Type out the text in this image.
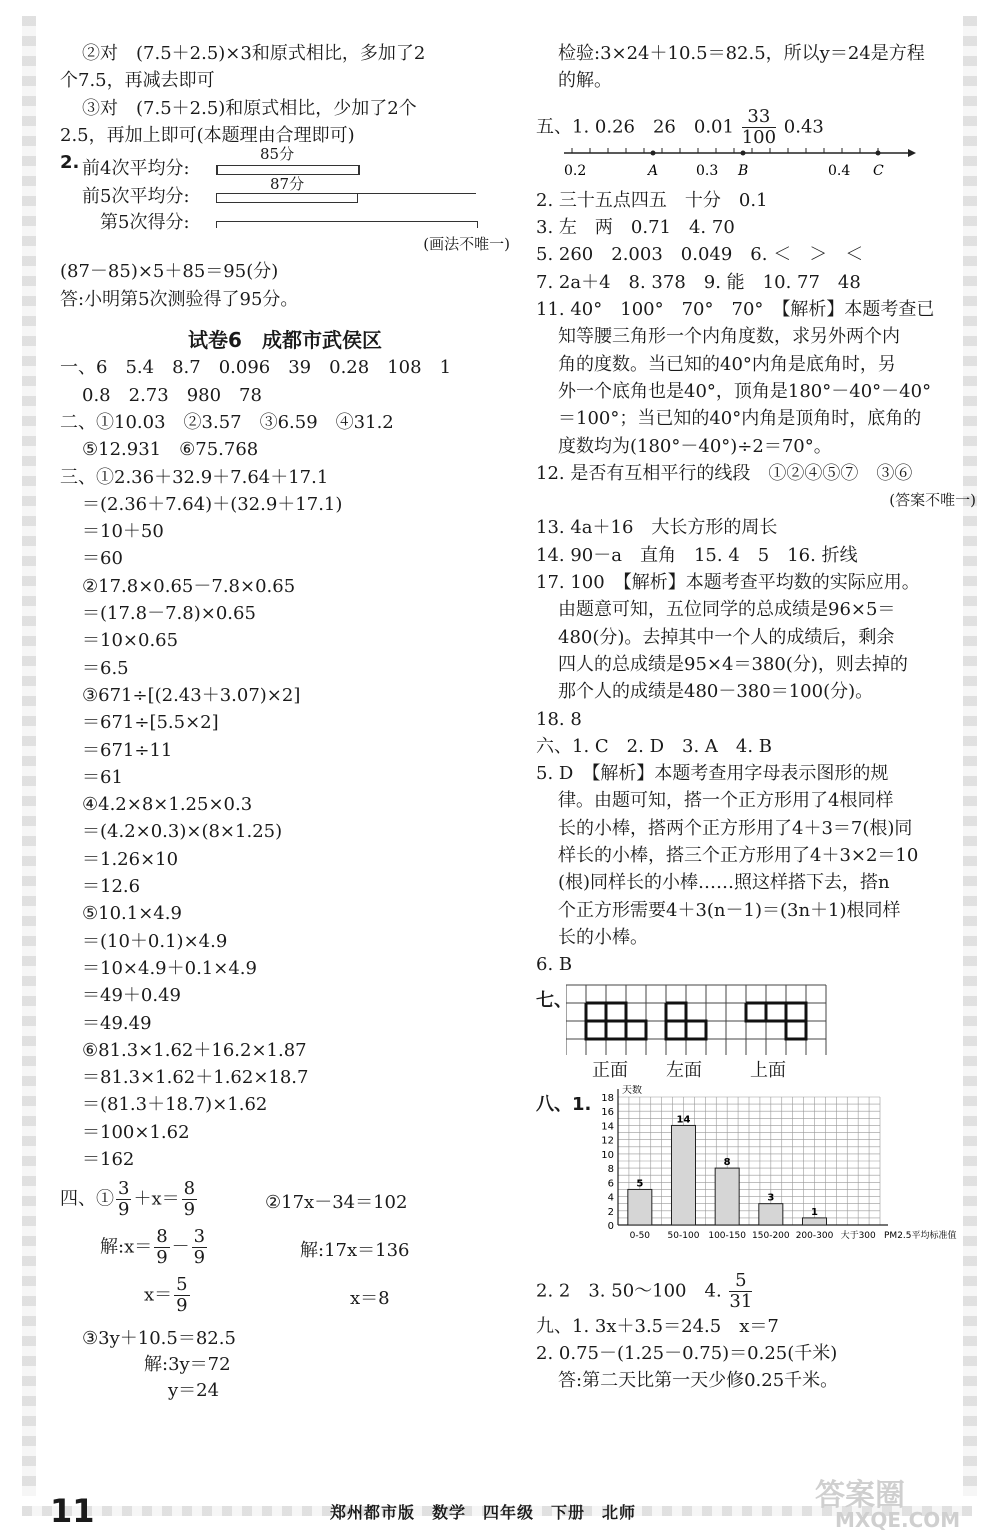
②对　(7.5＋2.5)×3和原式相比，多加了2
个7.5，再减去即可
③对　(7.5＋2.5)和原式相比，少加了2个
2.5，再加上即可(本题理由合理即可)
2. 前4次平均分:
85分
前5次平均分:
87分
第5次得分:
(画法不唯一)
(87－85)×5＋85＝95(分)
答:小明第5次测验得了95分。
试卷6　成都市武侯区
一、6　5.4　8.7　0.096　39　0.28　108　1
0.8　2.73　980　78
二、①10.03　②3.57　③6.59　④31.2
⑤12.931　⑥75.768
三、①2.36＋32.9＋7.64＋17.1
＝(2.36＋7.64)＋(32.9＋17.1)
＝10＋50
＝60
②17.8×0.65－7.8×0.65
＝(17.8－7.8)×0.65
＝10×0.65
＝6.5
③671÷[(2.43＋3.07)×2]
＝671÷[5.5×2]
＝671÷11
＝61
④4.2×8×1.25×0.3
＝(4.2×0.3)×(8×1.25)
＝1.26×10
＝12.6
⑤10.1×4.9
＝(10＋0.1)×4.9
＝10×4.9＋0.1×4.9
＝49＋0.49
＝49.49
⑥81.3×1.62＋16.2×1.87
＝81.3×1.62＋1.62×18.7
＝(81.3＋18.7)×1.62
＝100×1.62
＝162
四、① $\frac{3}{9} +x= \frac{8}{9}$	②17x－34＝102
解:x＝ $\frac{8}{9} - \frac{3}{9}$	解:17x＝136
$x= \frac{5}{9}$	x＝8
③3y＋10.5＝82.5
解:3y＝72
y＝24
检验:3×24＋10.5＝82.5，所以y＝24是方程
的解。
五、1. 0.26　26　$0.01 \frac{33}{100} 0.43$
0.2	A	0.3 B	0.4 C
2. 三十五点四五　十分　0.1
3. 左　两　0.71　4. 70
5. 260　2.003　0.049　6. ＜　＞　＜
7. 2a＋4　8. 378　9. 能　10. 77　48
11. 40°　100°　70°　70°　【解析】本题考查已
知等腰三角形一个内角度数，求另外两个内
角的度数。当已知的40°内角是底角时，另
外一个底角也是40°，顶角是180°－40°－40°
＝100°；当已知的40°内角是顶角时，底角的
度数均为(180°－40°)÷2＝70°。
12. 是否有互相平行的线段　①②④⑤⑦　③⑥
(答案不唯一)
13. 4a＋16　大长方形的周长
14. 90－a　直角　15. 4　5　16. 折线
17. 100　【解析】本题考查平均数的实际应用。
由题意可知，五位同学的总成绩是96×5＝
480(分)。去掉其中一个人的成绩后，剩余
四人的总成绩是95×4＝380(分)，则去掉的
那个人的成绩是480－380＝100(分)。
18. 8
六、1. C　2. D　3. A　4. B
5. D　【解析】本题考查用字母表示图形的规
律。由题可知，搭一个正方形用了4根同样
长的小棒，搭两个正方形用了4＋3＝7(根)同
样长的小棒，搭三个正方形用了4＋3×2＝10
(根)同样长的小棒……照这样搭下去，搭n
个正方形需要4＋3(n－1)＝(3n＋1)根同样
长的小棒。
6. B
七、
正面 左面	上面
八、1.
0
2
4
6
8
10
12
14
16
18
天数
5
0-50
14
50-100
8
100-150
3
150-200
1
200-300 大于300 PM2.5平均标准值
2. 2　3. 50～100　4. $\frac{5}{31}$
九、1. 3x＋3.5＝24.5　x＝7
2. 0.75－(1.25－0.75)＝0.25(千米)
答:第二天比第一天少修0.25千米。
11	郑州都市版　数学　四年级　下册　北师	答案圈
MXQE.COM
